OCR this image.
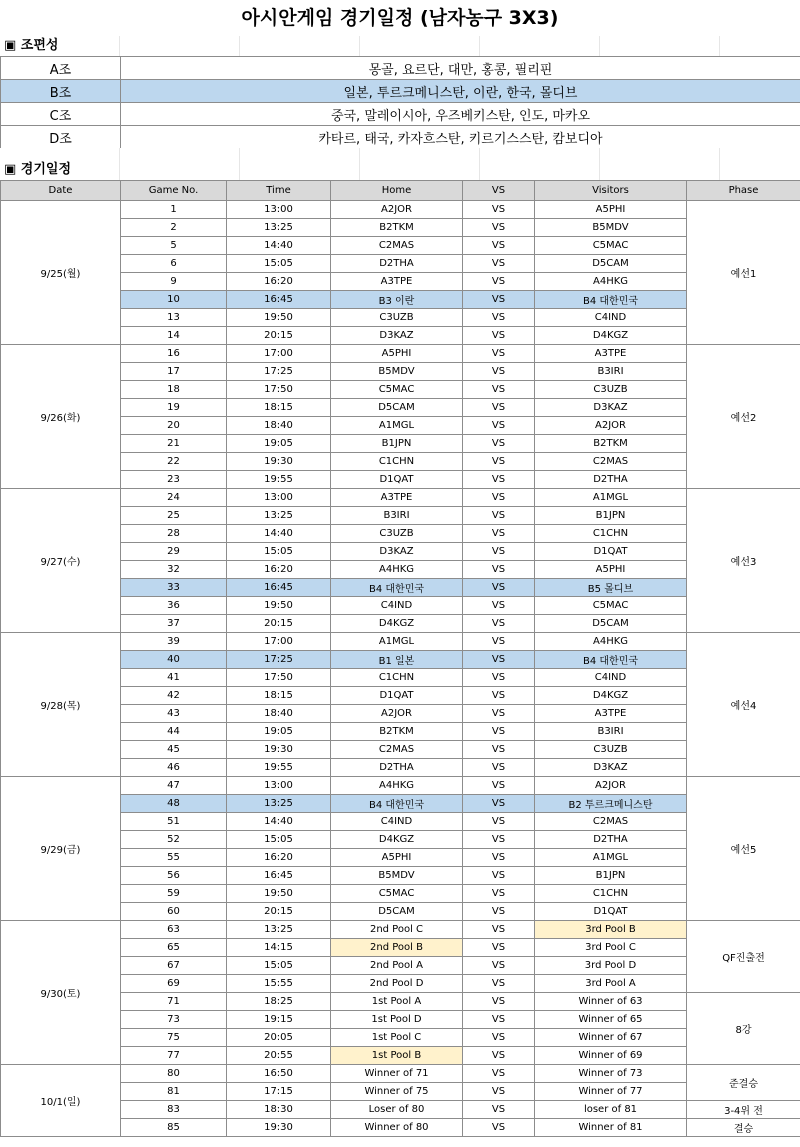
아시안게임 경기일정 (남자농구 3X3)
▣ 조편성
A조	몽골, 요르단, 대만, 홍콩, 필리핀
B조	일본, 투르크메니스탄, 이란, 한국, 몰디브
C조	중국, 말레이시아, 우즈베키스탄, 인도, 마카오
D조	카타르, 태국, 카자흐스탄, 키르기스스탄, 캄보디아
▣ 경기일정
Date	Game No.	Time	Home	VS	Visitors	Phase
9/25(월)	1	13:00	A2JOR	VS	A5PHI	예선1
	2	13:25	B2TKM	VS	B5MDV	
	5	14:40	C2MAS	VS	C5MAC	
	6	15:05	D2THA	VS	D5CAM	
	9	16:20	A3TPE	VS	A4HKG	
	10	16:45	B3 이란	VS	B4 대한민국	
	13	19:50	C3UZB	VS	C4IND	
	14	20:15	D3KAZ	VS	D4KGZ	
9/26(화)	16	17:00	A5PHI	VS	A3TPE	예선2
	17	17:25	B5MDV	VS	B3IRI	
	18	17:50	C5MAC	VS	C3UZB	
	19	18:15	D5CAM	VS	D3KAZ	
	20	18:40	A1MGL	VS	A2JOR	
	21	19:05	B1JPN	VS	B2TKM	
	22	19:30	C1CHN	VS	C2MAS	
	23	19:55	D1QAT	VS	D2THA	
9/27(수)	24	13:00	A3TPE	VS	A1MGL	예선3
	25	13:25	B3IRI	VS	B1JPN	
	28	14:40	C3UZB	VS	C1CHN	
	29	15:05	D3KAZ	VS	D1QAT	
	32	16:20	A4HKG	VS	A5PHI	
	33	16:45	B4 대한민국	VS	B5 몰디브	
	36	19:50	C4IND	VS	C5MAC	
	37	20:15	D4KGZ	VS	D5CAM	
9/28(목)	39	17:00	A1MGL	VS	A4HKG	예선4
	40	17:25	B1 일본	VS	B4 대한민국	
	41	17:50	C1CHN	VS	C4IND	
	42	18:15	D1QAT	VS	D4KGZ	
	43	18:40	A2JOR	VS	A3TPE	
	44	19:05	B2TKM	VS	B3IRI	
	45	19:30	C2MAS	VS	C3UZB	
	46	19:55	D2THA	VS	D3KAZ	
9/29(금)	47	13:00	A4HKG	VS	A2JOR	예선5
	48	13:25	B4 대한민국	VS	B2 투르크메니스탄	
	51	14:40	C4IND	VS	C2MAS	
	52	15:05	D4KGZ	VS	D2THA	
	55	16:20	A5PHI	VS	A1MGL	
	56	16:45	B5MDV	VS	B1JPN	
	59	19:50	C5MAC	VS	C1CHN	
	60	20:15	D5CAM	VS	D1QAT	
9/30(토)	63	13:25	2nd Pool C	VS	3rd Pool B	QF진출전
	65	14:15	2nd Pool B	VS	3rd Pool C	
	67	15:05	2nd Pool A	VS	3rd Pool D	
	69	15:55	2nd Pool D	VS	3rd Pool A	
	71	18:25	1st Pool A	VS	Winner of 63	8강
	73	19:15	1st Pool D	VS	Winner of 65	
	75	20:05	1st Pool C	VS	Winner of 67	
	77	20:55	1st Pool B	VS	Winner of 69	
10/1(일)	80	16:50	Winner of 71	VS	Winner of 73	준결승
	81	17:15	Winner of 75	VS	Winner of 77	
	83	18:30	Loser of 80	VS	loser of 81	3-4위 전
	85	19:30	Winner of 80	VS	Winner of 81	결승
